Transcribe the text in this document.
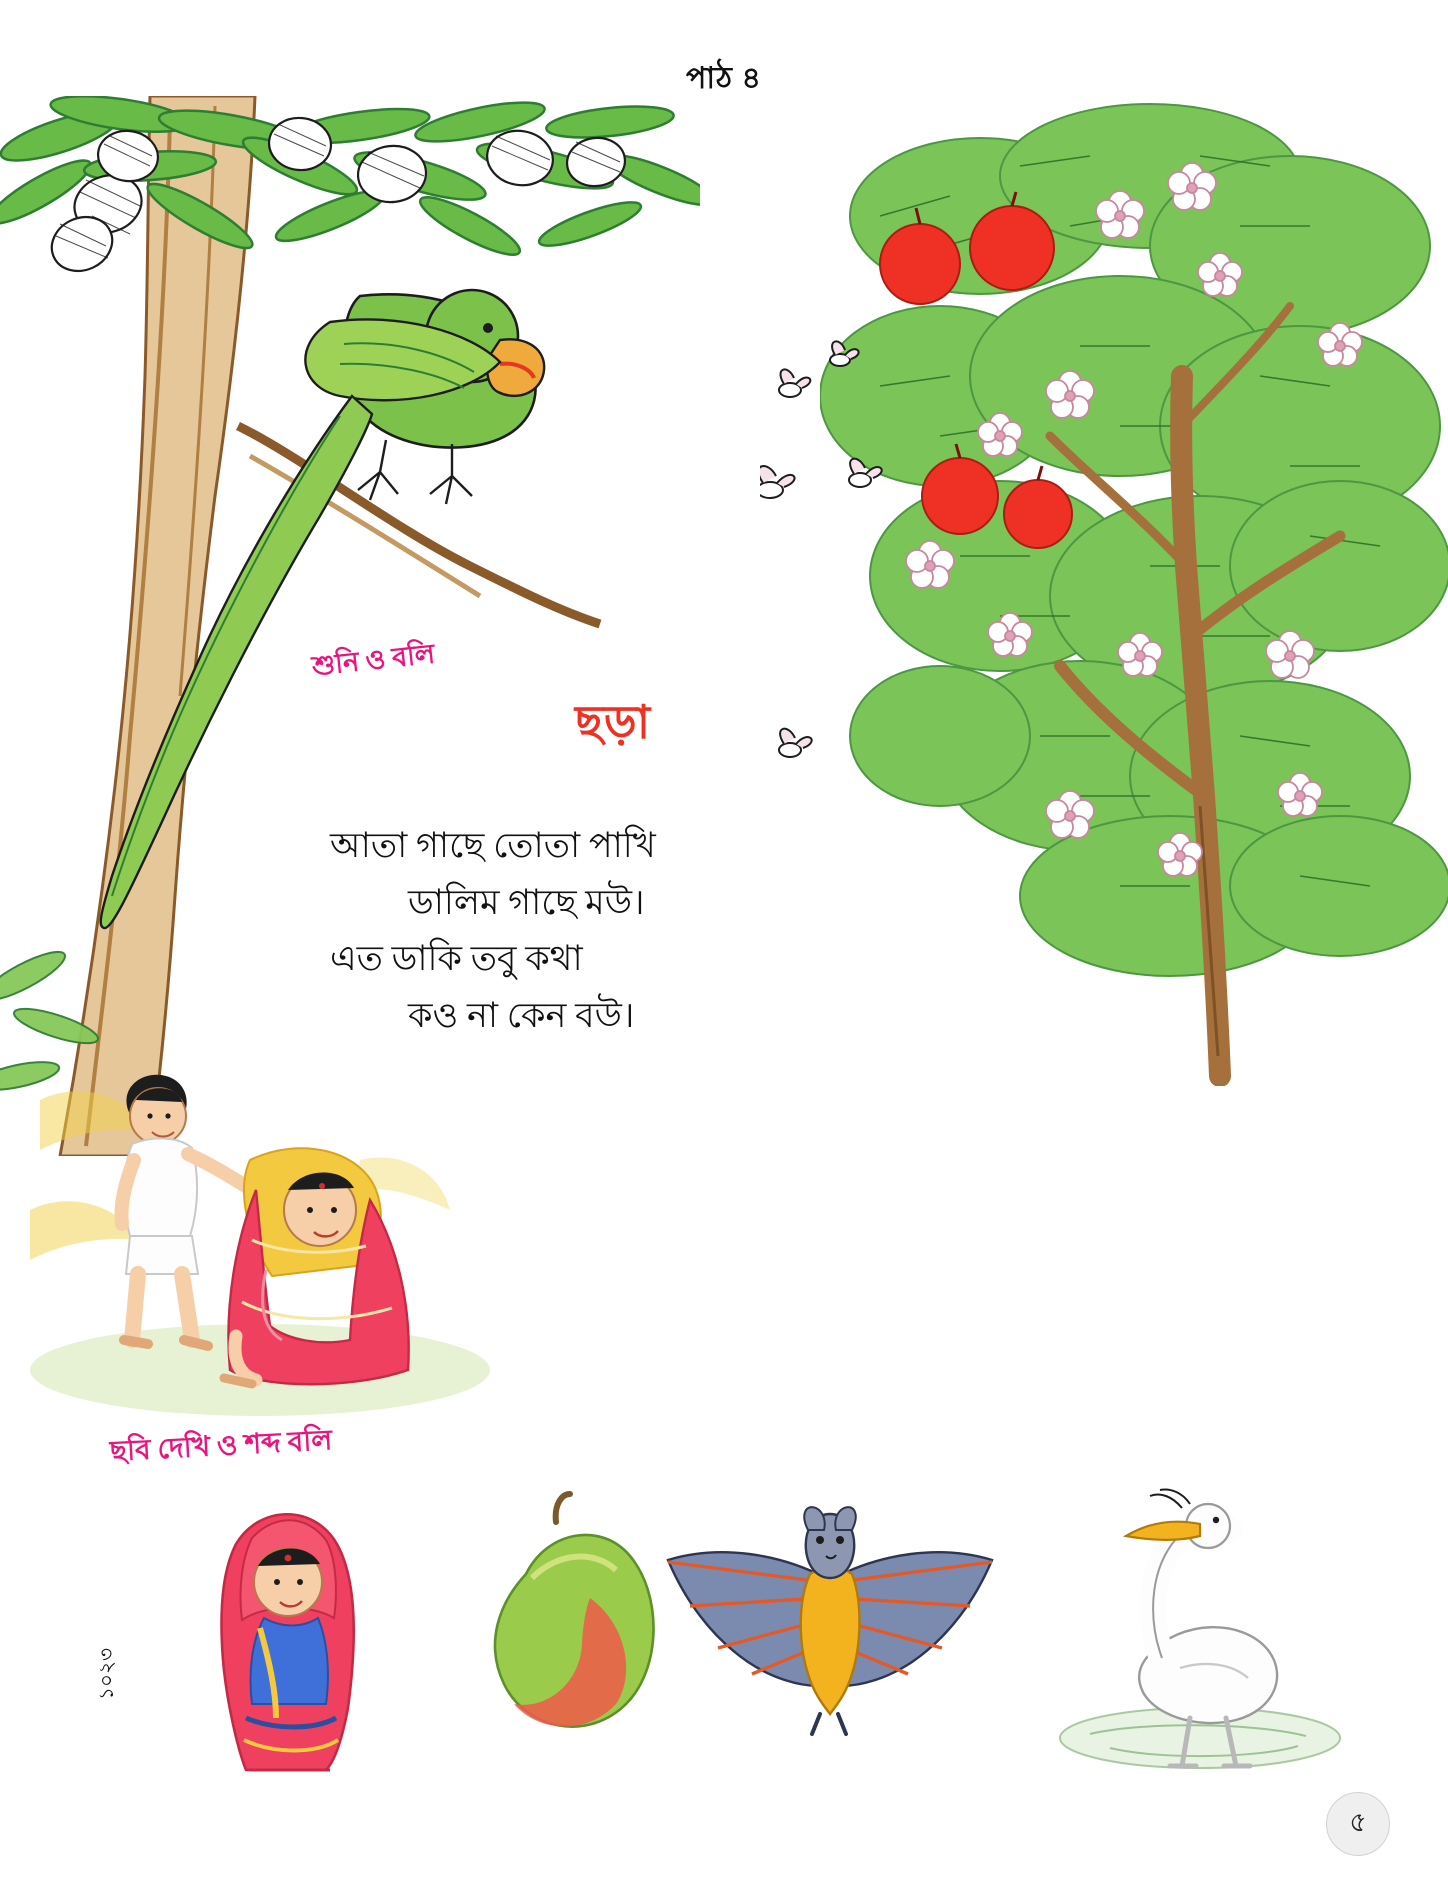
পাঠ ৪
শুনি ও বলি
ছড়া
আতা গাছে তোতা পাখি
ডালিম গাছে মউ।
এত ডাকি তবু কথা
কও না কেন বউ।
ছবি দেখি ও শব্দ বলি
১০২৩
৫
